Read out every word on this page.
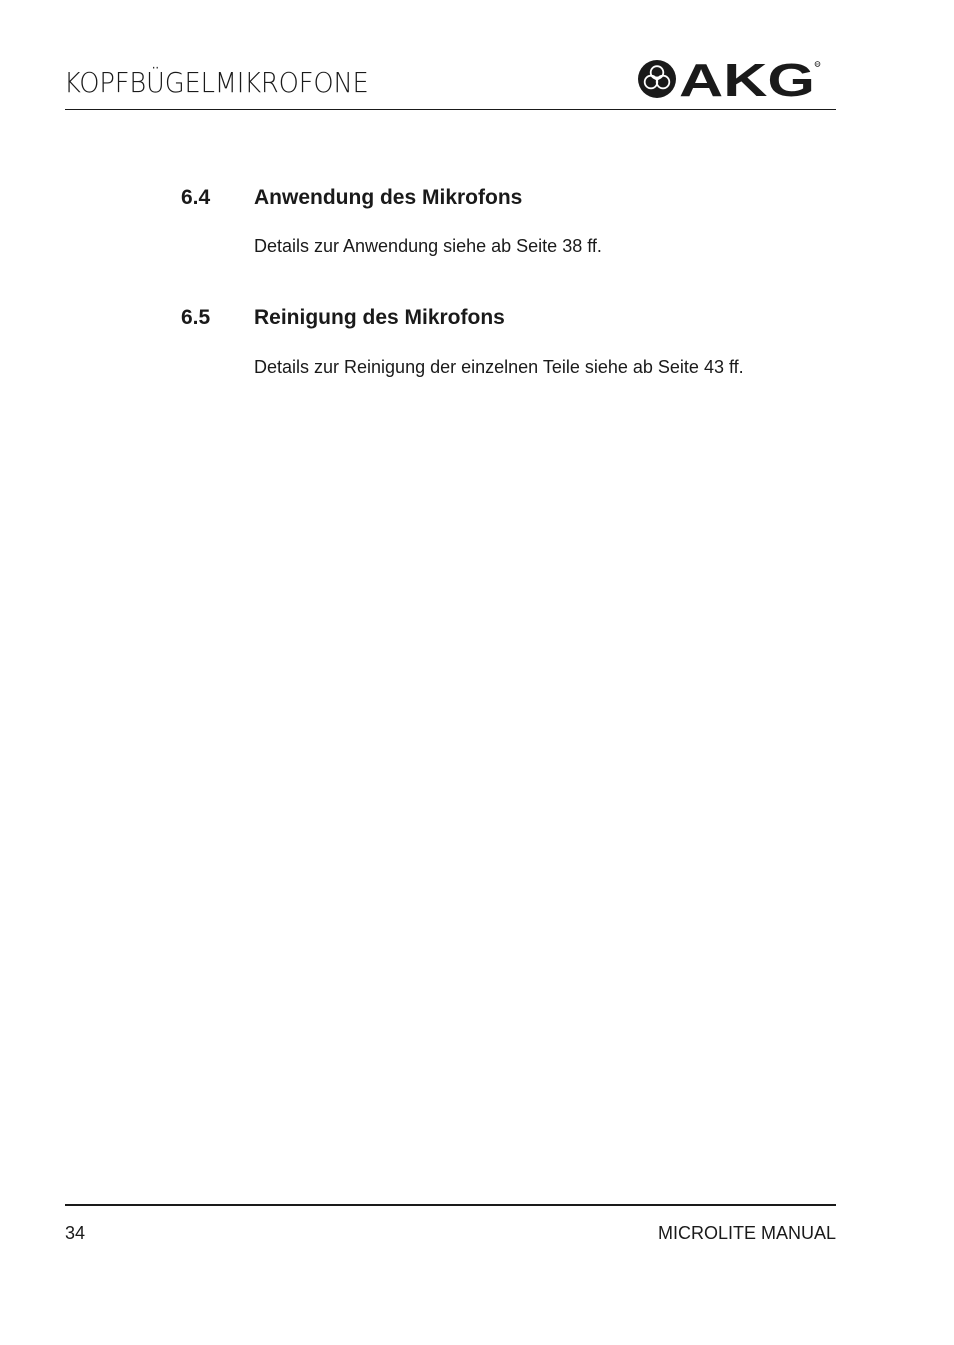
KOPFBÜGELMIKROFONE	AKG R
6.4 Anwendung des Mikrofons
Details zur Anwendung siehe ab Seite 38 ff.
6.5 Reinigung des Mikrofons
Details zur Reinigung der einzelnen Teile siehe ab Seite 43 ff.
34	MICROLITE MANUAL
